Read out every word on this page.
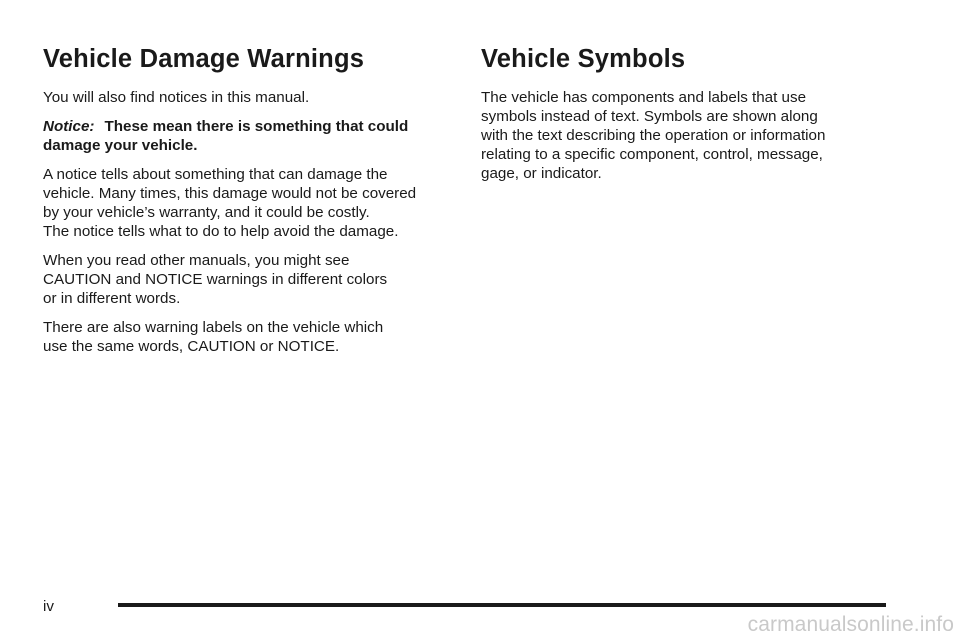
Vehicle Damage Warnings

You will also find notices in this manual.

Notice: These mean there is something that could
damage your vehicle.

A notice tells about something that can damage the
vehicle. Many times, this damage would not be covered
by your vehicle’s warranty, and it could be costly.
The notice tells what to do to help avoid the damage.

When you read other manuals, you might see
CAUTION and NOTICE warnings in different colors
or in different words.

There are also warning labels on the vehicle which
use the same words, CAUTION or NOTICE.

Vehicle Symbols

The vehicle has components and labels that use
symbols instead of text. Symbols are shown along
with the text describing the operation or information
relating to a specific component, control, message,
gage, or indicator.

iv
carmanualsonline.info
